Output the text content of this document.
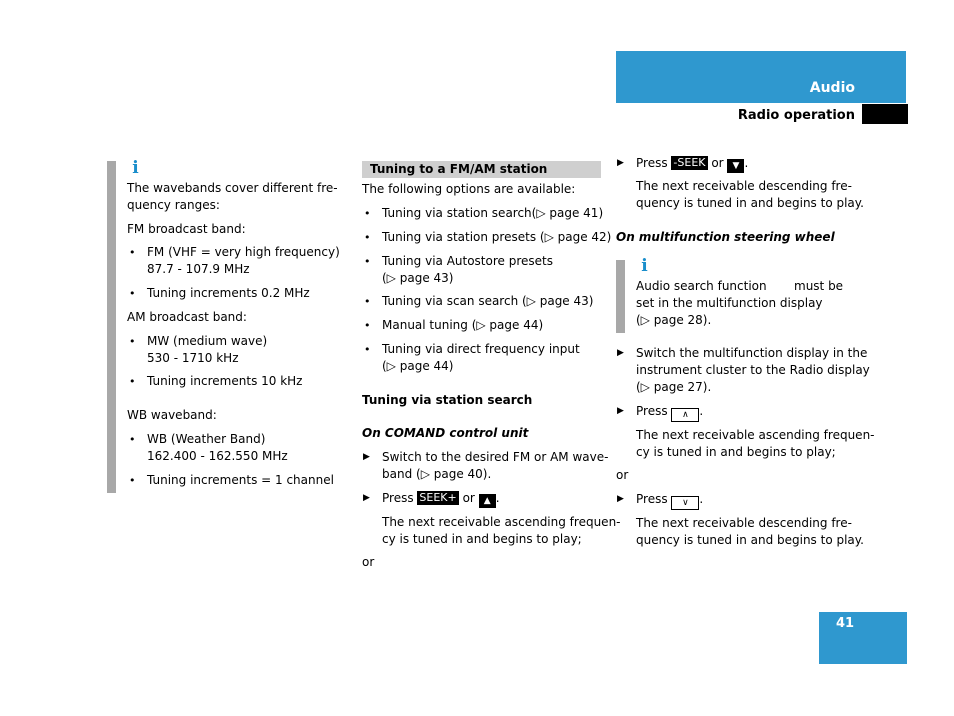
Audio
Radio operation
i
The wavebands cover different fre-
quency ranges:
FM broadcast band:
• FM (VHF = very high frequency)
87.7 - 107.9 MHz
• Tuning increments 0.2 MHz
AM broadcast band:
• MW (medium wave)
530 - 1710 kHz
• Tuning increments 10 kHz
WB waveband:
• WB (Weather Band)
162.400 - 162.550 MHz
• Tuning increments = 1 channel
Tuning to a FM/AM station
The following options are available:
• Tuning via station search(▷ page 41)
• Tuning via station presets (▷ page 42)
• Tuning via Autostore presets
(▷ page 43)
• Tuning via scan search (▷ page 43)
• Manual tuning (▷ page 44)
• Tuning via direct frequency input
(▷ page 44)
Tuning via station search
On COMAND control unit
▶ Switch to the desired FM or AM wave-
band (▷ page 40).
▶ Press SEEK+ or ▲ .
The next receivable ascending frequen-
cy is tuned in and begins to play;
or
▶ Press -SEEK or ▼ .
The next receivable descending fre-
quency is tuned in and begins to play.
On multifunction steering wheel
i
Audio search function must be
set in the multifunction display
(▷ page 28).
▶ Switch the multifunction display in the
instrument cluster to the Radio display
(▷ page 27).
▶ Press ∧ .
The next receivable ascending frequen-
cy is tuned in and begins to play;
or
▶ Press ∨ .
The next receivable descending fre-
quency is tuned in and begins to play.
41
